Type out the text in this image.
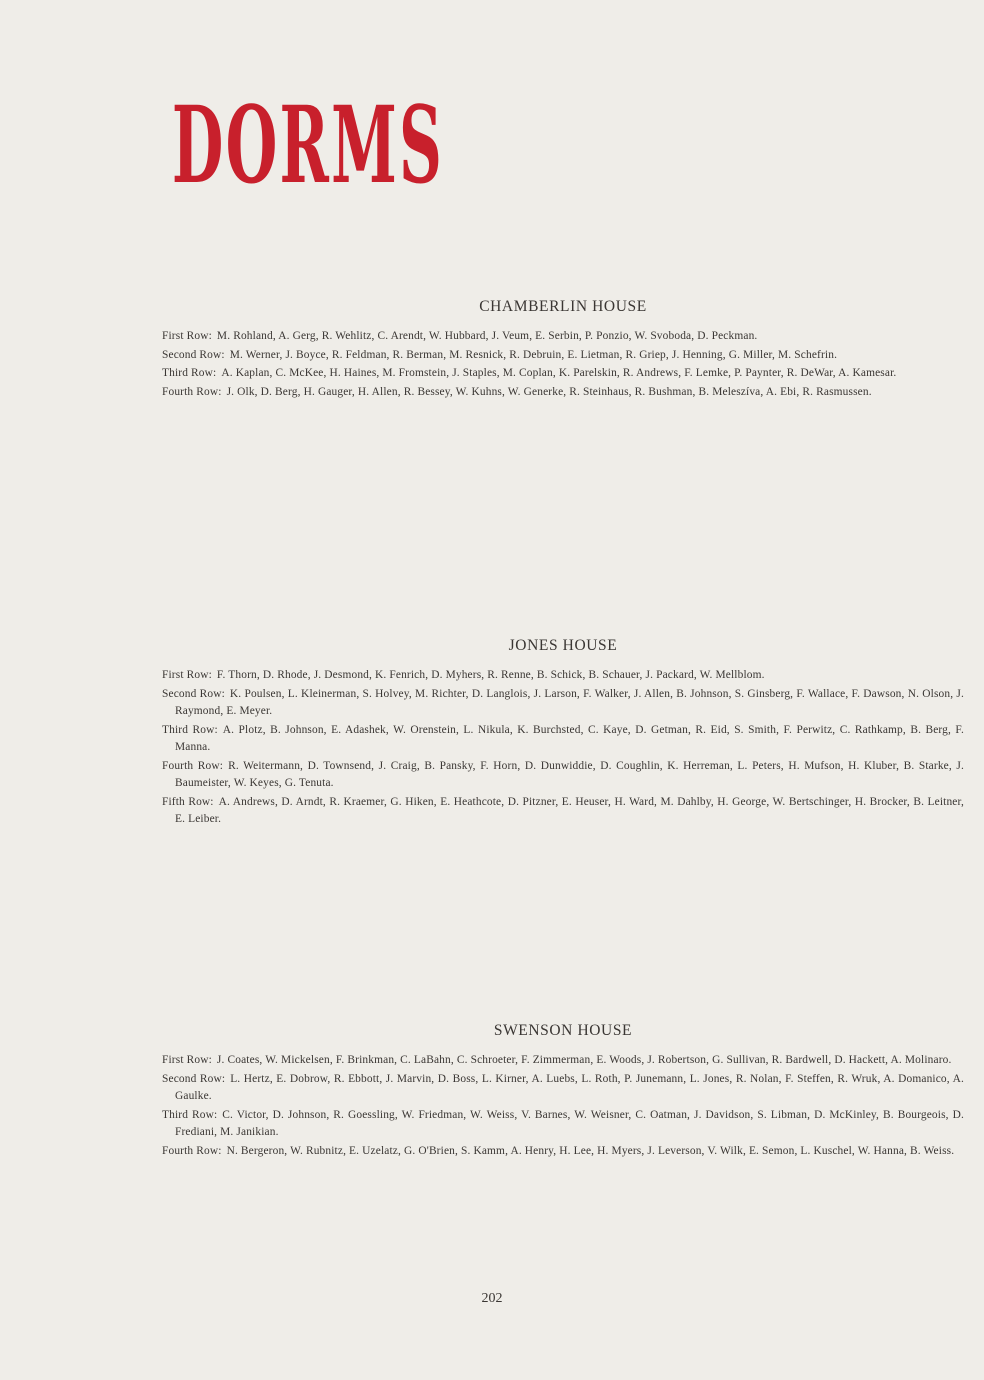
DORMS
CHAMBERLIN HOUSE
First Row: M. Rohland, A. Gerg, R. Wehlitz, C. Arendt, W. Hubbard, J. Veum, E. Serbin, P. Ponzio, W. Svoboda, D. Peckman.
Second Row: M. Werner, J. Boyce, R. Feldman, R. Berman, M. Resnick, R. Debruin, E. Lietman, R. Griep, J. Henning, G. Miller, M. Schefrin.
Third Row: A. Kaplan, C. McKee, H. Haines, M. Fromstein, J. Staples, M. Coplan, K. Parelskin, R. Andrews, F. Lemke, P. Paynter, R. DeWar, A. Kamesar.
Fourth Row: J. Olk, D. Berg, H. Gauger, H. Allen, R. Bessey, W. Kuhns, W. Generke, R. Steinhaus, R. Bushman, B. Meleszíva, A. Ebi, R. Rasmussen.
JONES HOUSE
First Row: F. Thorn, D. Rhode, J. Desmond, K. Fenrich, D. Myhers, R. Renne, B. Schick, B. Schauer, J. Packard, W. Mellblom.
Second Row: K. Poulsen, L. Kleinerman, S. Holvey, M. Richter, D. Langlois, J. Larson, F. Walker, J. Allen, B. Johnson, S. Ginsberg, F. Wallace, F. Dawson, N. Olson, J. Raymond, E. Meyer.
Third Row: A. Plotz, B. Johnson, E. Adashek, W. Orenstein, L. Nikula, K. Burchsted, C. Kaye, D. Getman, R. Eid, S. Smith, F. Perwitz, C. Rathkamp, B. Berg, F. Manna.
Fourth Row: R. Weitermann, D. Townsend, J. Craig, B. Pansky, F. Horn, D. Dunwiddie, D. Coughlin, K. Herreman, L. Peters, H. Mufson, H. Kluber, B. Starke, J. Baumeister, W. Keyes, G. Tenuta.
Fifth Row: A. Andrews, D. Arndt, R. Kraemer, G. Hiken, E. Heathcote, D. Pitzner, E. Heuser, H. Ward, M. Dahlby, H. George, W. Bertschinger, H. Brocker, B. Leitner, E. Leiber.
SWENSON HOUSE
First Row: J. Coates, W. Mickelsen, F. Brinkman, C. LaBahn, C. Schroeter, F. Zimmerman, E. Woods, J. Robertson, G. Sullivan, R. Bardwell, D. Hackett, A. Molinaro.
Second Row: L. Hertz, E. Dobrow, R. Ebbott, J. Marvin, D. Boss, L. Kirner, A. Luebs, L. Roth, P. Junemann, L. Jones, R. Nolan, F. Steffen, R. Wruk, A. Domanico, A. Gaulke.
Third Row: C. Victor, D. Johnson, R. Goessling, W. Friedman, W. Weiss, V. Barnes, W. Weisner, C. Oatman, J. Davidson, S. Libman, D. McKinley, B. Bourgeois, D. Frediani, M. Janikian.
Fourth Row: N. Bergeron, W. Rubnitz, E. Uzelatz, G. O'Brien, S. Kamm, A. Henry, H. Lee, H. Myers, J. Leverson, V. Wilk, E. Semon, L. Kuschel, W. Hanna, B. Weiss.
202
